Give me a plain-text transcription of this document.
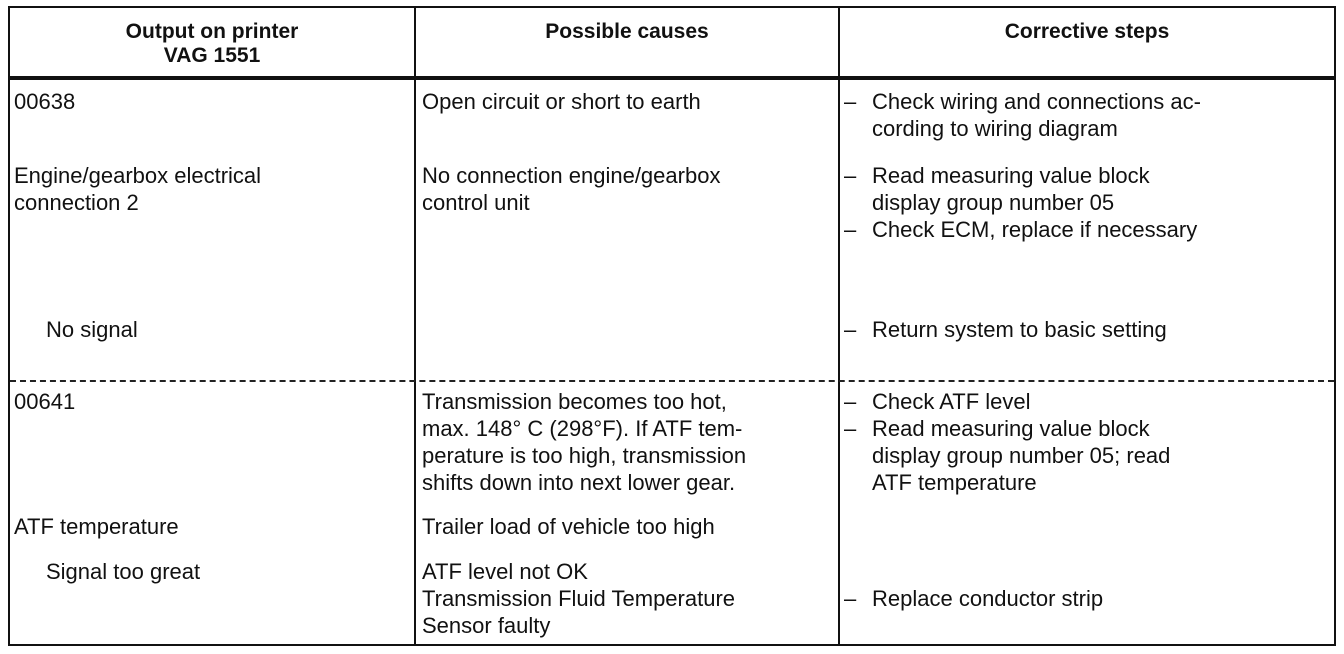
Output on printer
VAG 1551
Possible causes	Corrective steps
00638
Engine/gearbox electrical
connection 2
No signal
Open circuit or short to earth
No connection engine/gearbox
control unit
– Check wiring and connections ac-
cording to wiring diagram
– Read measuring value block
display group number 05
– Check ECM, replace if necessary
– Return system to basic setting
00641
ATF temperature
Signal too great
Transmission becomes too hot,
max. 148° C (298°F). If ATF tem-
perature is too high, transmission
shifts down into next lower gear.
Trailer load of vehicle too high
ATF level not OK
Transmission Fluid Temperature
Sensor faulty
– Check ATF level
– Read measuring value block
display group number 05; read
ATF temperature
– Replace conductor strip
